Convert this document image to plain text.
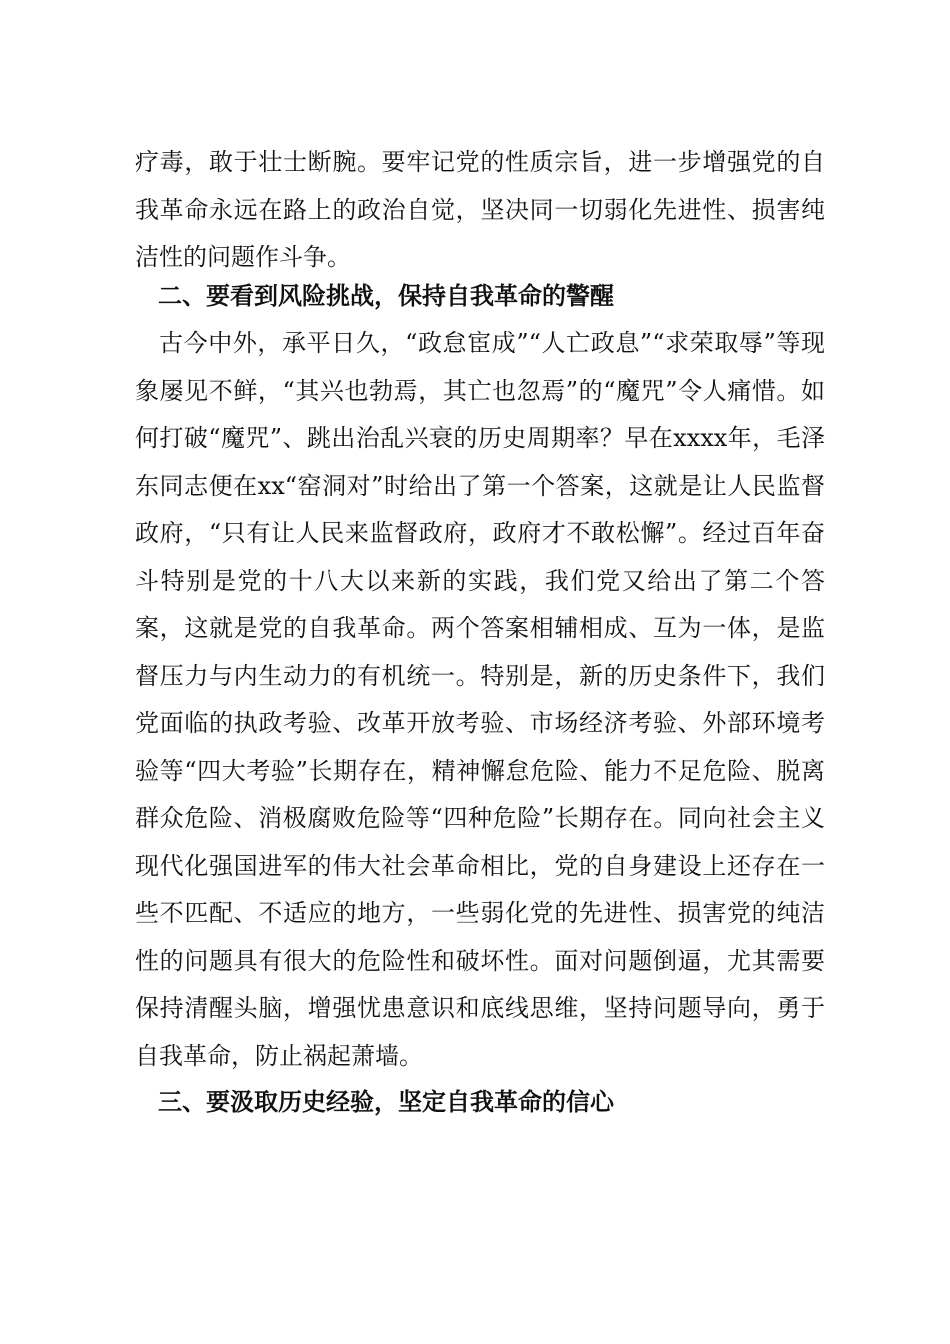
疗毒，敢于壮士断腕。要牢记党的性质宗旨，进一步增强党的自我革命永远在路上的政治自觉，坚决同一切弱化先进性、损害纯洁性的问题作斗争。
二、要看到风险挑战，保持自我革命的警醒
古今中外，承平日久，“政怠宦成”“人亡政息”“求荣取辱”等现象屡见不鲜，“其兴也勃焉，其亡也忽焉”的“魔咒”令人痛惜。如何打破“魔咒”、跳出治乱兴衰的历史周期率？早在xxxx年，毛泽东同志便在xx“窑洞对”时给出了第一个答案，这就是让人民监督政府，“只有让人民来监督政府，政府才不敢松懈”。经过百年奋斗特别是党的十八大以来新的实践，我们党又给出了第二个答案，这就是党的自我革命。两个答案相辅相成、互为一体，是监督压力与内生动力的有机统一。特别是，新的历史条件下，我们党面临的执政考验、改革开放考验、市场经济考验、外部环境考验等“四大考验”长期存在，精神懈怠危险、能力不足危险、脱离群众危险、消极腐败危险等“四种危险”长期存在。同向社会主义现代化强国进军的伟大社会革命相比，党的自身建设上还存在一些不匹配、不适应的地方，一些弱化党的先进性、损害党的纯洁性的问题具有很大的危险性和破坏性。面对问题倒逼，尤其需要保持清醒头脑，增强忧患意识和底线思维，坚持问题导向，勇于自我革命，防止祸起萧墙。
三、要汲取历史经验，坚定自我革命的信心
